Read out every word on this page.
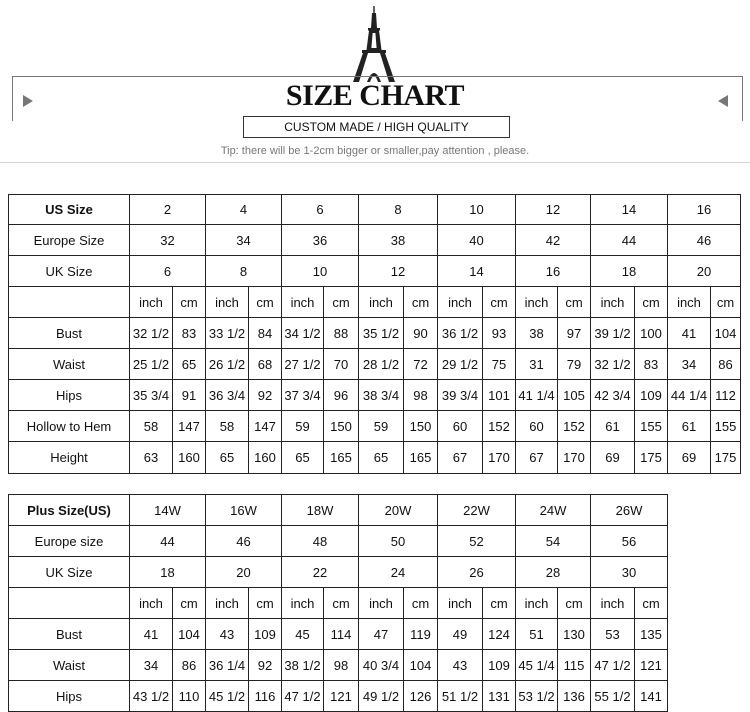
SIZE CHART
CUSTOM MADE / HIGH QUALITY
Tip: there will be 1-2cm bigger or smaller,pay attention , please.
US Size	2		4		6		8		10		12		14		16	
Europe Size	32		34		36		38		40		42		44		46	
UK Size	6		8		10		12		14		16		18		20	
	inch	cm	inch	cm	inch	cm	inch	cm	inch	cm	inch	cm	inch	cm	inch	cm
Bust	32 1/2	83	33 1/2	84	34 1/2	88	35 1/2	90	36 1/2	93	38	97	39 1/2	100	41	104
Waist	25 1/2	65	26 1/2	68	27 1/2	70	28 1/2	72	29 1/2	75	31	79	32 1/2	83	34	86
Hips	35 3/4	91	36 3/4	92	37 3/4	96	38 3/4	98	39 3/4	101	41 1/4	105	42 3/4	109	44 1/4	112
Hollow to Hem	58	147	58	147	59	150	59	150	60	152	60	152	61	155	61	155
Height	63	160	65	160	65	165	65	165	67	170	67	170	69	175	69	175
Plus Size(US)	14W		16W		18W		20W		22W		24W		26W	
Europe size	44		46		48		50		52		54		56	
UK Size	18		20		22		24		26		28		30	
	inch	cm	inch	cm	inch	cm	inch	cm	inch	cm	inch	cm	inch	cm
Bust	41	104	43	109	45	114	47	119	49	124	51	130	53	135
Waist	34	86	36 1/4	92	38 1/2	98	40 3/4	104	43	109	45 1/4	115	47 1/2	121
Hips	43 1/2	110	45 1/2	116	47 1/2	121	49 1/2	126	51 1/2	131	53 1/2	136	55 1/2	141
